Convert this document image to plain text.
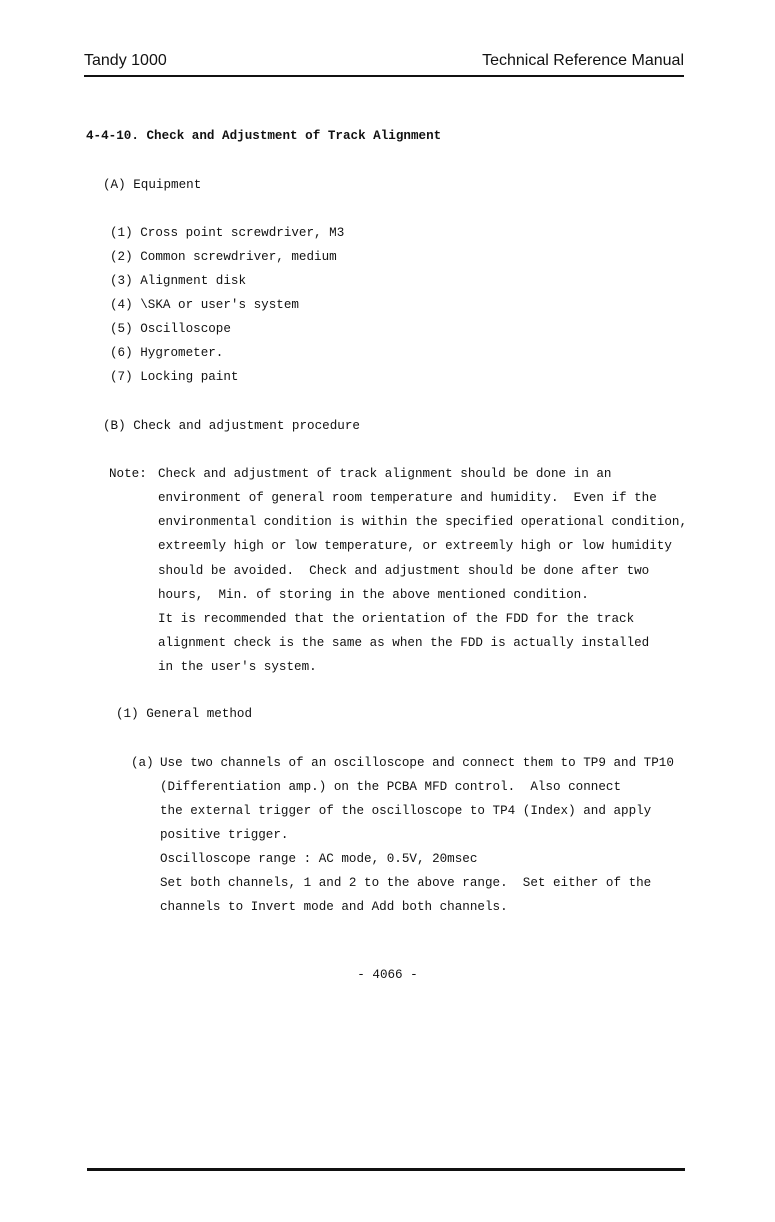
Tandy 1000	Technical Reference Manual
4-4-10. Check and Adjustment of Track Alignment
(A) Equipment
(1) Cross point screwdriver, M3
(2) Common screwdriver, medium
(3) Alignment disk
(4) \SKA or user's system
(5) Oscilloscope
(6) Hygrometer.
(7) Locking paint
(B) Check and adjustment procedure
Note: Check and adjustment of track alignment should be done in an
environment of general room temperature and humidity.  Even if the
environmental condition is within the specified operational condition,
extreemly high or low temperature, or extreemly high or low humidity
should be avoided.  Check and adjustment should be done after two
hours,  Min. of storing in the above mentioned condition.
It is recommended that the orientation of the FDD for the track
alignment check is the same as when the FDD is actually installed
in the user's system.
(1) General method
(a) Use two channels of an oscilloscope and connect them to TP9 and TP10
(Differentiation amp.) on the PCBA MFD control.  Also connect
the external trigger of the oscilloscope to TP4 (Index) and apply
positive trigger.
Oscilloscope range : AC mode, 0.5V, 20msec
Set both channels, 1 and 2 to the above range.  Set either of the
channels to Invert mode and Add both channels.
- 4066 -
